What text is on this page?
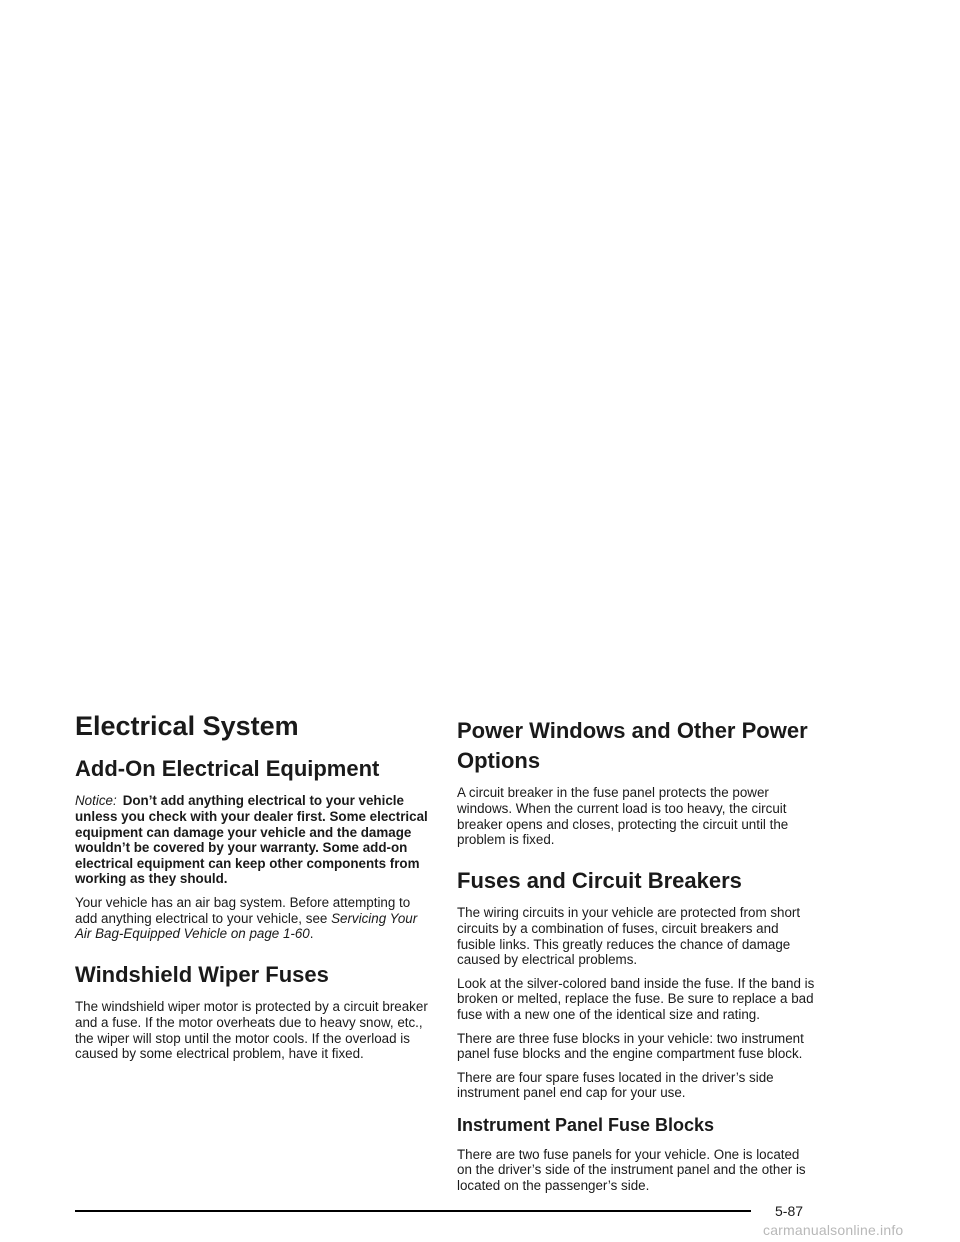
Electrical System
Add-On Electrical Equipment

Notice: Don’t add anything electrical to your vehicle unless you check with your dealer first. Some electrical equipment can damage your vehicle and the damage wouldn’t be covered by your warranty. Some add-on electrical equipment can keep other components from working as they should.

Your vehicle has an air bag system. Before attempting to add anything electrical to your vehicle, see Servicing Your Air Bag-Equipped Vehicle on page 1-60.

Windshield Wiper Fuses

The windshield wiper motor is protected by a circuit breaker and a fuse. If the motor overheats due to heavy snow, etc., the wiper will stop until the motor cools. If the overload is caused by some electrical problem, have it fixed.

Power Windows and Other Power Options

A circuit breaker in the fuse panel protects the power windows. When the current load is too heavy, the circuit breaker opens and closes, protecting the circuit until the problem is fixed.

Fuses and Circuit Breakers

The wiring circuits in your vehicle are protected from short circuits by a combination of fuses, circuit breakers and fusible links. This greatly reduces the chance of damage caused by electrical problems.

Look at the silver-colored band inside the fuse. If the band is broken or melted, replace the fuse. Be sure to replace a bad fuse with a new one of the identical size and rating.

There are three fuse blocks in your vehicle: two instrument panel fuse blocks and the engine compartment fuse block.

There are four spare fuses located in the driver’s side instrument panel end cap for your use.

Instrument Panel Fuse Blocks

There are two fuse panels for your vehicle. One is located on the driver’s side of the instrument panel and the other is located on the passenger’s side.

5-87
carmanualsonline.info
